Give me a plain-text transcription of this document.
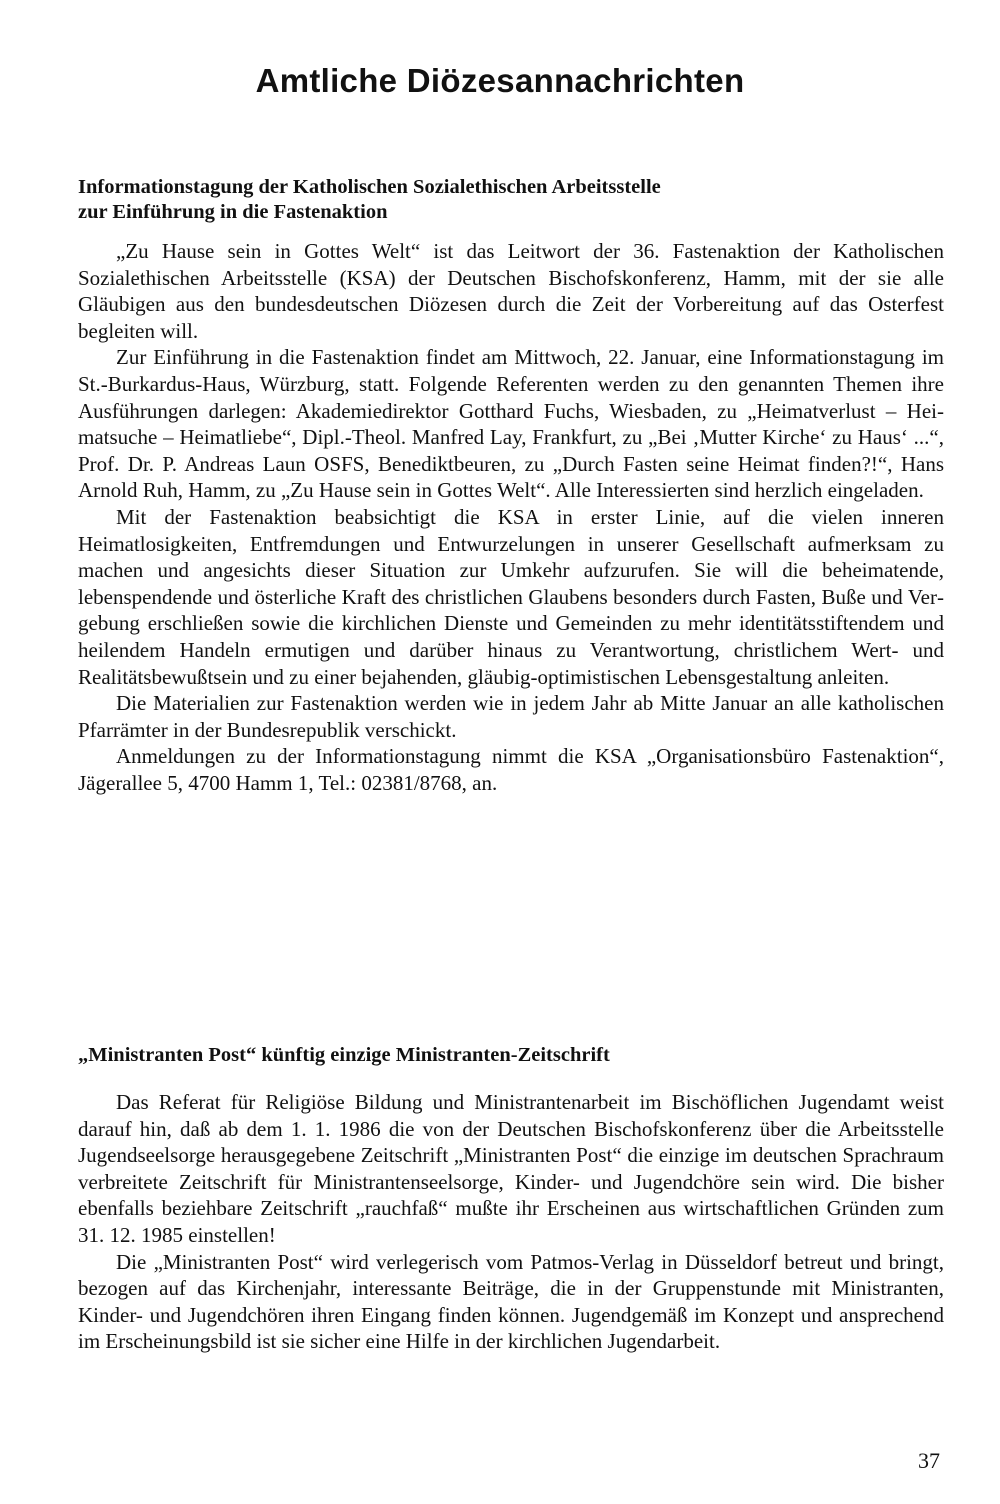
Amtliche Diözesannachrichten
Informationstagung der Katholischen Sozialethischen Arbeitsstelle
zur Einführung in die Fastenaktion

„Zu Hause sein in Gottes Welt“ ist das Leitwort der 36. Fastenaktion der Katholischen Sozialethischen Arbeitsstelle (KSA) der Deutschen Bischofskonferenz, Hamm, mit der sie alle Gläubigen aus den bundesdeutschen Diözesen durch die Zeit der Vorbereitung auf das Osterfest begleiten will.

Zur Einführung in die Fastenaktion findet am Mittwoch, 22. Januar, eine Informationstagung im St.-Burkardus-Haus, Würzburg, statt. Folgende Referenten werden zu den genannten Themen ihre Ausführungen darlegen: Akademiedirektor Gotthard Fuchs, Wiesbaden, zu „Heimatverlust – Heimatsuche – Heimatliebe“, Dipl.-Theol. Manfred Lay, Frankfurt, zu „Bei ‚Mutter Kirche‘ zu Haus‘ ...“, Prof. Dr. P. Andreas Laun OSFS, Benediktbeuren, zu „Durch Fasten seine Heimat finden?!“, Hans Arnold Ruh, Hamm, zu „Zu Hause sein in Gottes Welt“. Alle Interessierten sind herzlich eingeladen.

Mit der Fastenaktion beabsichtigt die KSA in erster Linie, auf die vielen inneren Heimatlosigkeiten, Entfremdungen und Entwurzelungen in unserer Gesellschaft aufmerksam zu machen und angesichts dieser Situation zur Umkehr aufzurufen. Sie will die beheimatende, lebenspendende und österliche Kraft des christlichen Glaubens besonders durch Fasten, Buße und Vergebung erschließen sowie die kirchlichen Dienste und Gemeinden zu mehr identitätsstiftendem und heilendem Handeln ermutigen und darüber hinaus zu Verantwortung, christlichem Wert- und Realitätsbewußtsein und zu einer bejahenden, gläubig-optimistischen Lebensgestaltung anleiten.

Die Materialien zur Fastenaktion werden wie in jedem Jahr ab Mitte Januar an alle katholischen Pfarrämter in der Bundesrepublik verschickt.

Anmeldungen zu der Informationstagung nimmt die KSA „Organisationsbüro Fastenaktion“, Jägerallee 5, 4700 Hamm 1, Tel.: 02381/8768, an.

„Ministranten Post“ künftig einzige Ministranten-Zeitschrift

Das Referat für Religiöse Bildung und Ministrantenarbeit im Bischöflichen Jugendamt weist darauf hin, daß ab dem 1. 1. 1986 die von der Deutschen Bischofskonferenz über die Arbeitsstelle Jugendseelsorge herausgegebene Zeitschrift „Ministranten Post“ die einzige im deutschen Sprachraum verbreitete Zeitschrift für Ministrantenseelsorge, Kinder- und Jugendchöre sein wird. Die bisher ebenfalls beziehbare Zeitschrift „rauchfaß“ mußte ihr Erscheinen aus wirtschaftlichen Gründen zum 31. 12. 1985 einstellen!

Die „Ministranten Post“ wird verlegerisch vom Patmos-Verlag in Düsseldorf betreut und bringt, bezogen auf das Kirchenjahr, interessante Beiträge, die in der Gruppenstunde mit Ministranten, Kinder- und Jugendchören ihren Eingang finden können. Jugendgemäß im Konzept und ansprechend im Erscheinungsbild ist sie sicher eine Hilfe in der kirchlichen Jugendarbeit.

37
